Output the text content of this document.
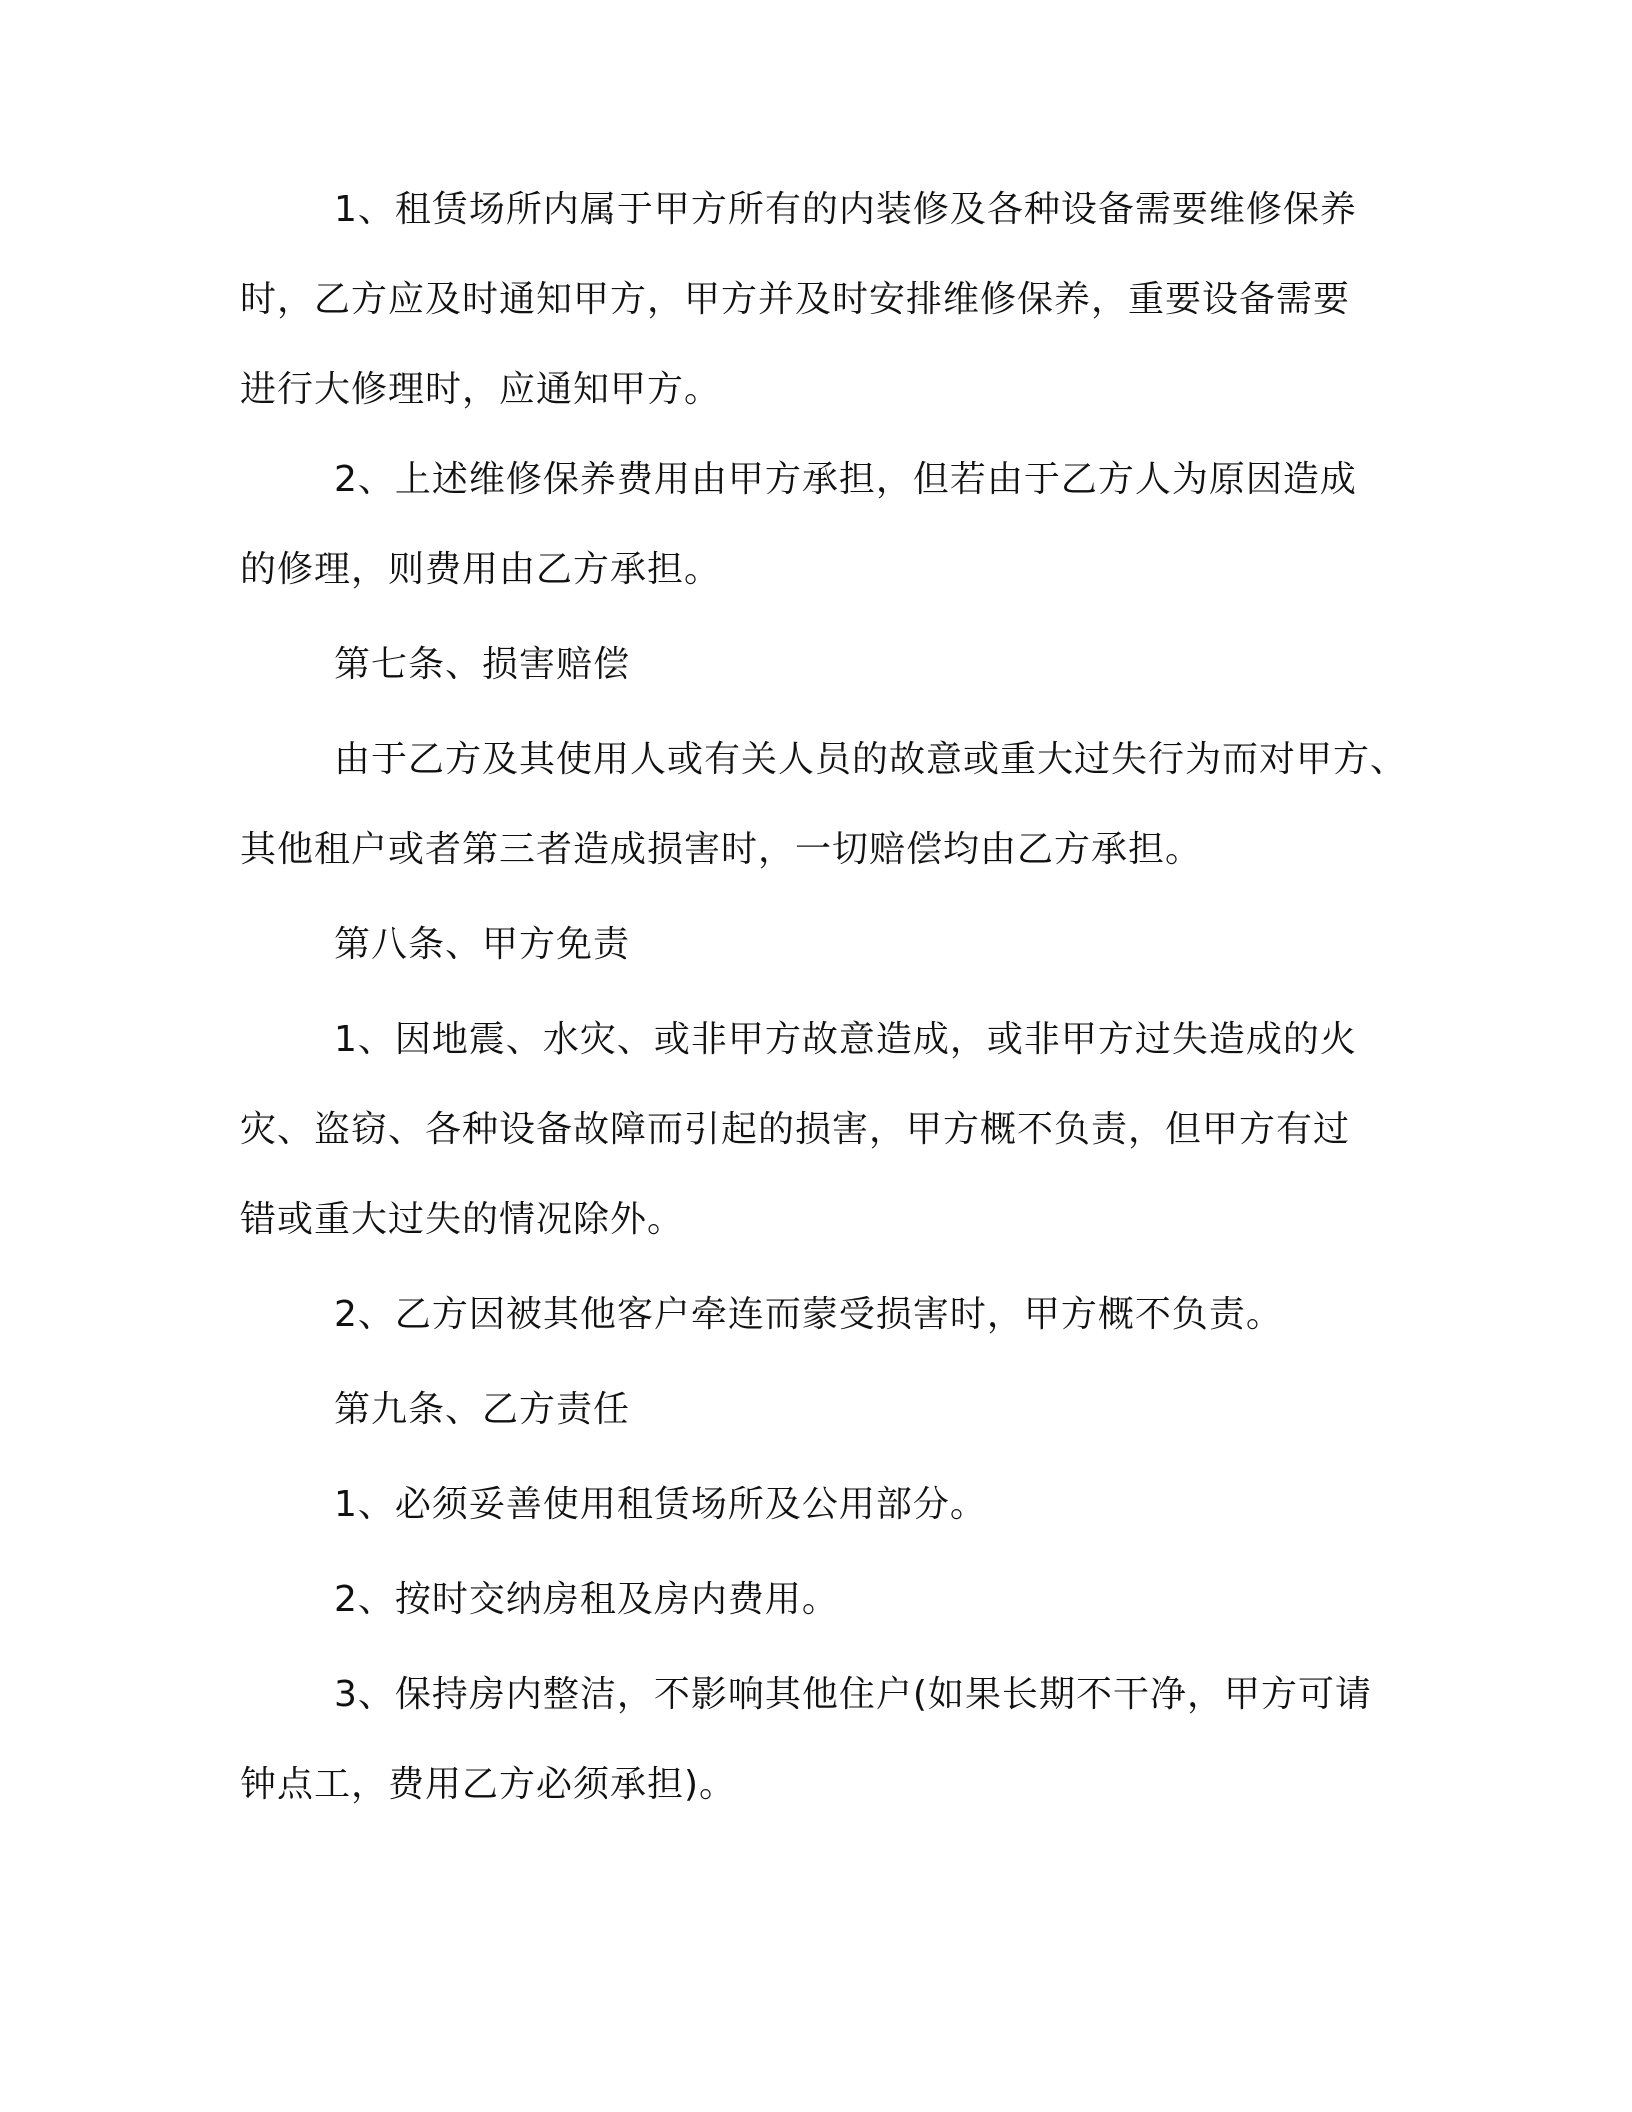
1、租赁场所内属于甲方所有的内装修及各种设备需要维修保养
时，乙方应及时通知甲方，甲方并及时安排维修保养，重要设备需要
进行大修理时，应通知甲方。
2、上述维修保养费用由甲方承担，但若由于乙方人为原因造成
的修理，则费用由乙方承担。
第七条、损害赔偿
由于乙方及其使用人或有关人员的故意或重大过失行为而对甲方、
其他租户或者第三者造成损害时，一切赔偿均由乙方承担。
第八条、甲方免责
1、因地震、水灾、或非甲方故意造成，或非甲方过失造成的火
灾、盗窃、各种设备故障而引起的损害，甲方概不负责，但甲方有过
错或重大过失的情况除外。
2、乙方因被其他客户牵连而蒙受损害时，甲方概不负责。
第九条、乙方责任
1、必须妥善使用租赁场所及公用部分。
2、按时交纳房租及房内费用。
3、保持房内整洁，不影响其他住户(如果长期不干净，甲方可请
钟点工，费用乙方必须承担)。
